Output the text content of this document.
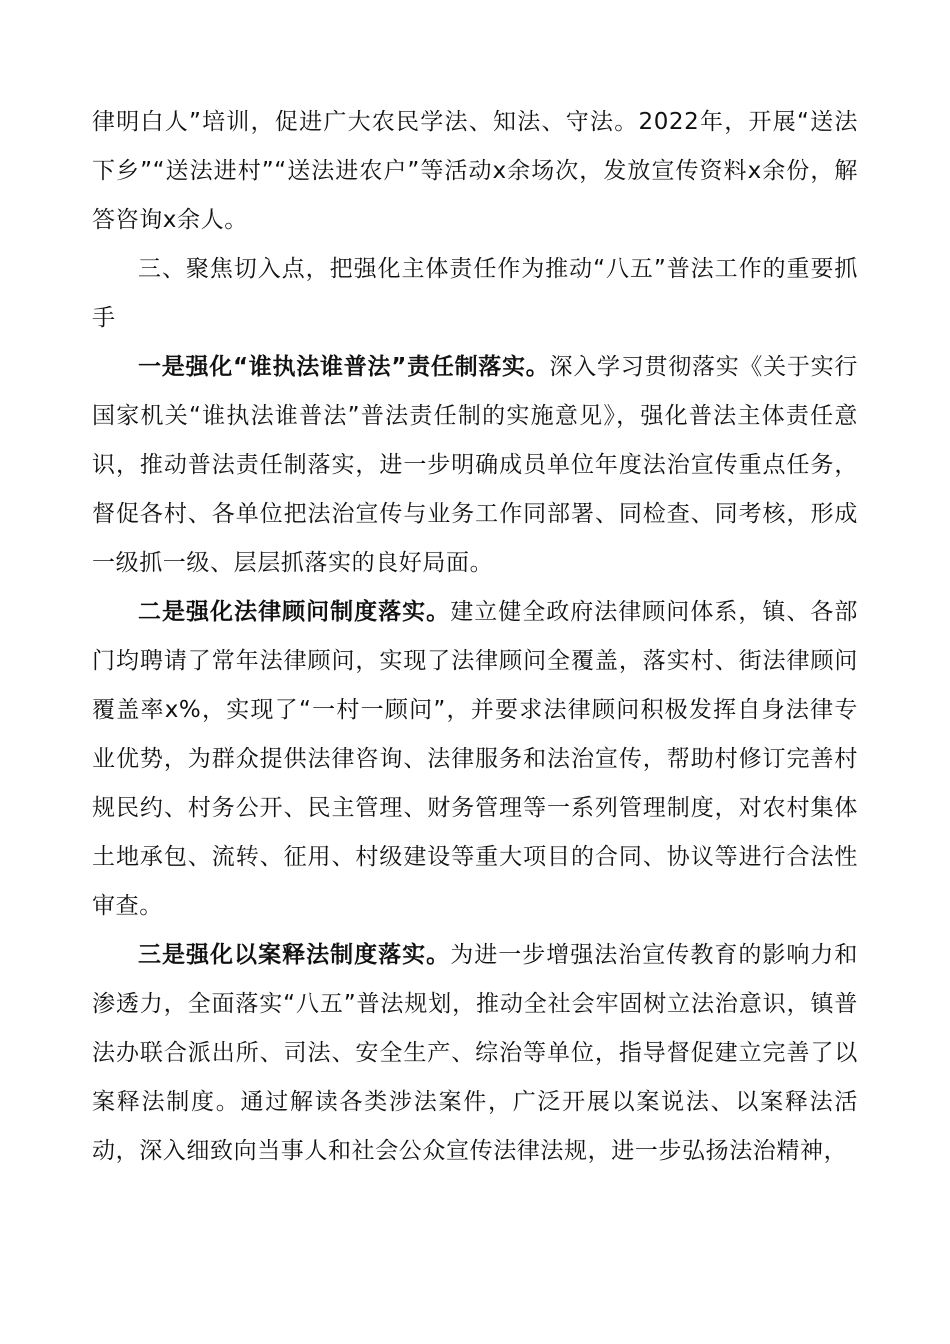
律明白人”培训，促进广大农民学法、知法、守法。2022年，开展“送法下乡”“送法进村”“送法进农户”等活动x余场次，发放宣传资料x余份，解答咨询x余人。

三、聚焦切入点，把强化主体责任作为推动“八五”普法工作的重要抓手

一是强化“谁执法谁普法”责任制落实。深入学习贯彻落实《关于实行国家机关“谁执法谁普法”普法责任制的实施意见》，强化普法主体责任意识，推动普法责任制落实，进一步明确成员单位年度法治宣传重点任务，督促各村、各单位把法治宣传与业务工作同部署、同检查、同考核，形成一级抓一级、层层抓落实的良好局面。

二是强化法律顾问制度落实。建立健全政府法律顾问体系，镇、各部门均聘请了常年法律顾问，实现了法律顾问全覆盖，落实村、街法律顾问覆盖率x%，实现了“一村一顾问”，并要求法律顾问积极发挥自身法律专业优势，为群众提供法律咨询、法律服务和法治宣传，帮助村修订完善村规民约、村务公开、民主管理、财务管理等一系列管理制度，对农村集体土地承包、流转、征用、村级建设等重大项目的合同、协议等进行合法性审查。

三是强化以案释法制度落实。为进一步增强法治宣传教育的影响力和渗透力，全面落实“八五”普法规划，推动全社会牢固树立法治意识，镇普法办联合派出所、司法、安全生产、综治等单位，指导督促建立完善了以案释法制度。通过解读各类涉法案件，广泛开展以案说法、以案释法活动，深入细致向当事人和社会公众宣传法律法规，进一步弘扬法治精神，
